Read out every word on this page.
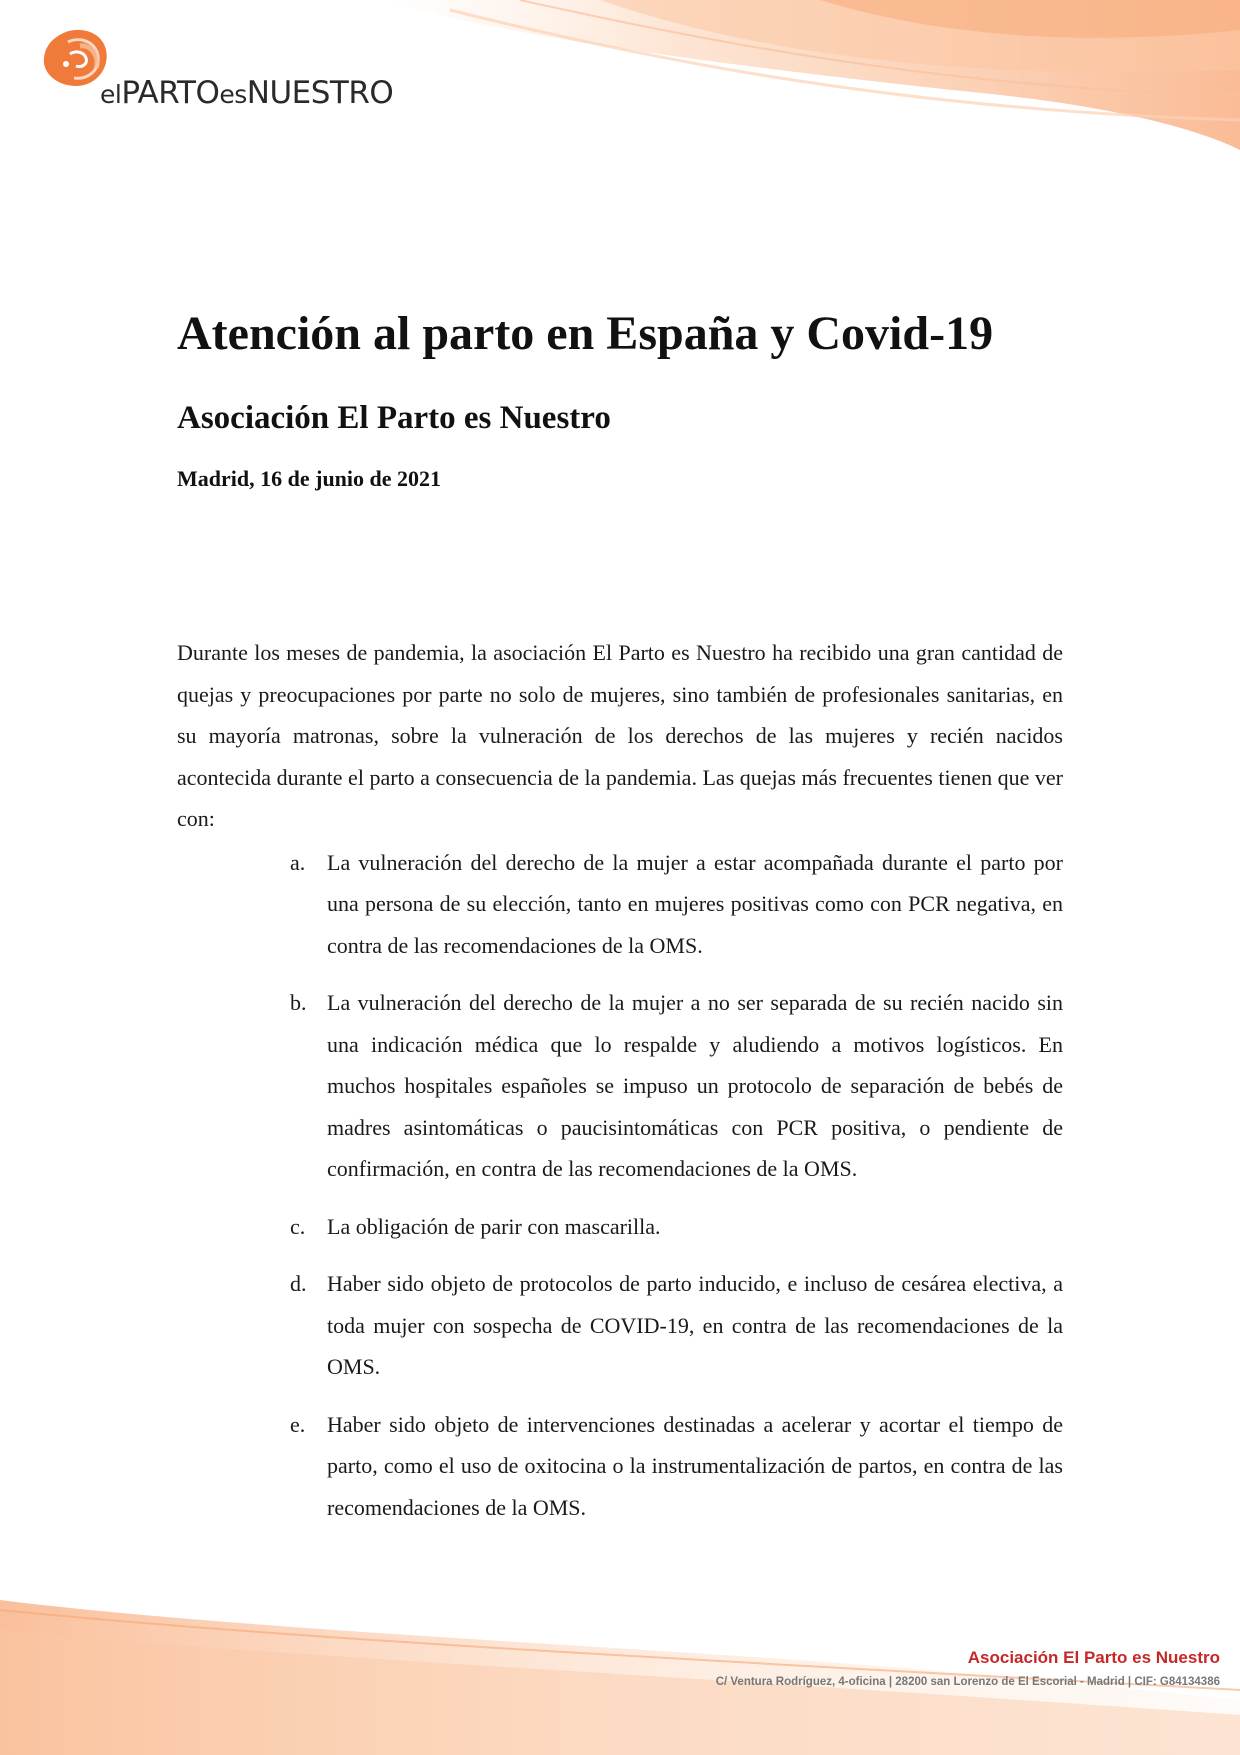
elPARTOesNUESTRO
Atención al parto en España y Covid-19
Asociación El Parto es Nuestro
Madrid, 16 de junio de 2021

Durante los meses de pandemia, la asociación El Parto es Nuestro ha recibido una gran cantidad de quejas y preocupaciones por parte no solo de mujeres, sino también de profesionales sanitarias, en su mayoría matronas, sobre la vulneración de los derechos de las mujeres y recién nacidos acontecida durante el parto a consecuencia de la pandemia. Las quejas más frecuentes tienen que ver con:

a. La vulneración del derecho de la mujer a estar acompañada durante el parto por una persona de su elección, tanto en mujeres positivas como con PCR negativa, en contra de las recomendaciones de la OMS.
b. La vulneración del derecho de la mujer a no ser separada de su recién nacido sin una indicación médica que lo respalde y aludiendo a motivos logísticos. En muchos hospitales españoles se impuso un protocolo de separación de bebés de madres asintomáticas o paucisintomáticas con PCR positiva, o pendiente de confirmación, en contra de las recomendaciones de la OMS.
c. La obligación de parir con mascarilla.
d. Haber sido objeto de protocolos de parto inducido, e incluso de cesárea electiva, a toda mujer con sospecha de COVID-19, en contra de las recomendaciones de la OMS.
e. Haber sido objeto de intervenciones destinadas a acelerar y acortar el tiempo de parto, como el uso de oxitocina o la instrumentalización de partos, en contra de las recomendaciones de la OMS.
Asociación El Parto es Nuestro
C/ Ventura Rodríguez, 4-oficina | 28200 san Lorenzo de El Escorial - Madrid | CIF: G84134386
